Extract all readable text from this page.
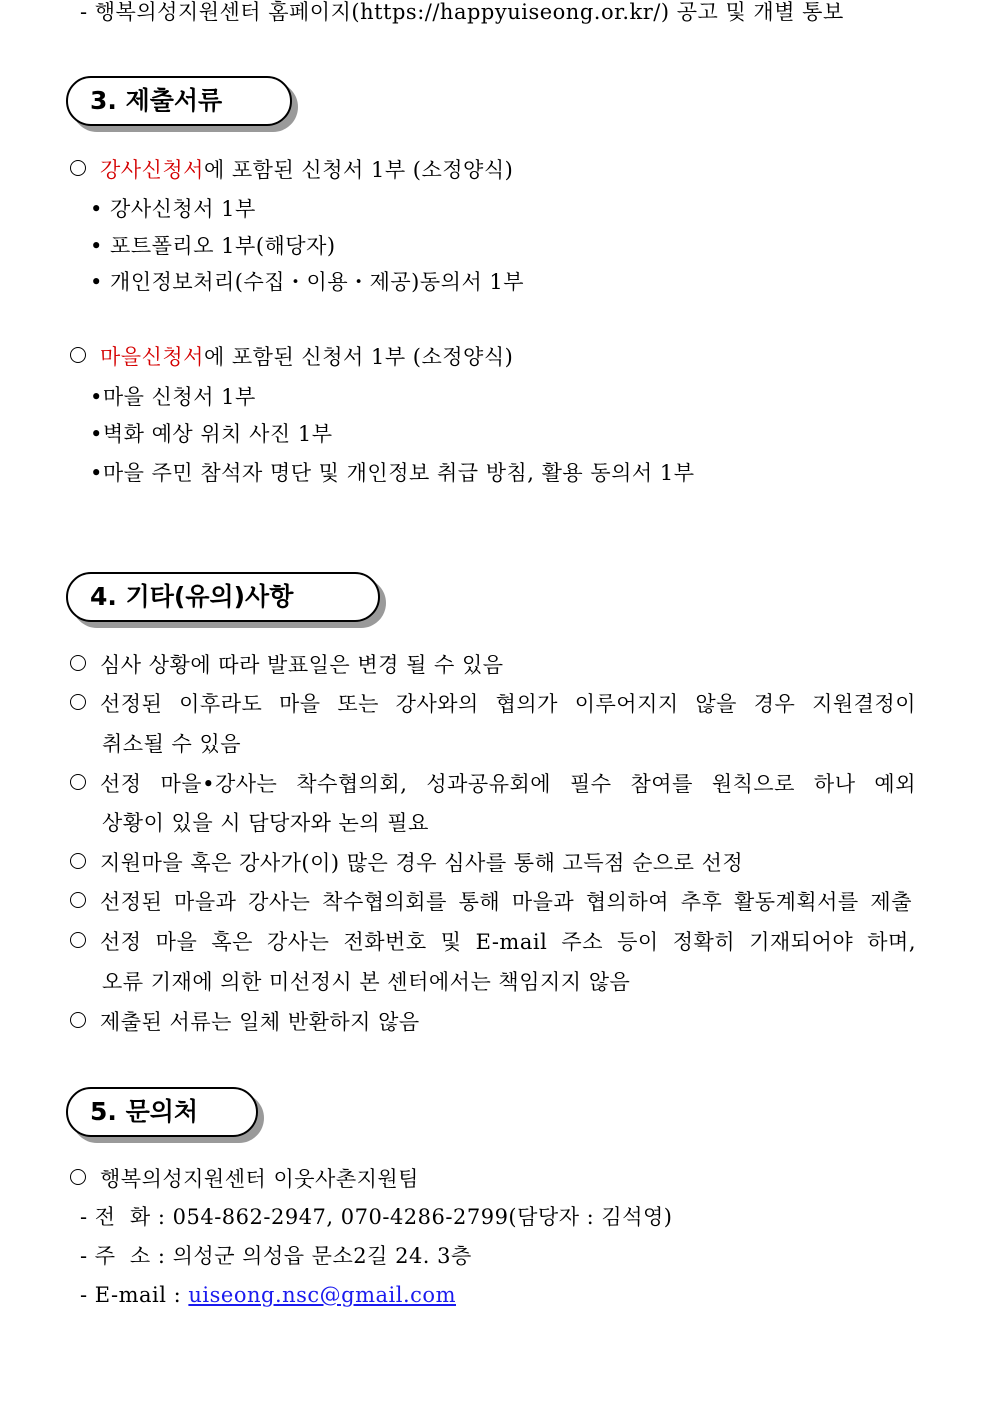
- 행복의성지원센터 홈페이지(https://happyuiseong.or.kr/) 공고 및 개별 통보
3. 제출서류
강사신청서에 포함된 신청서 1부 (소정양식)
• 강사신청서 1부
• 포트폴리오 1부(해당자)
• 개인정보처리(수집・이용・제공)동의서 1부
마을신청서에 포함된 신청서 1부 (소정양식)
•마을 신청서 1부
•벽화 예상 위치 사진 1부
•마을 주민 참석자 명단 및 개인정보 취급 방침, 활용 동의서 1부
4. 기타(유의)사항
심사 상황에 따라 발표일은 변경 될 수 있음
선정된 이후라도 마을 또는 강사와의 협의가 이루어지지 않을 경우 지원결정이
취소될 수 있음
선정 마을•강사는 착수협의회, 성과공유회에 필수 참여를 원칙으로 하나 예외
상황이 있을 시 담당자와 논의 필요
지원마을 혹은 강사가(이) 많은 경우 심사를 통해 고득점 순으로 선정
선정된 마을과 강사는 착수협의회를 통해 마을과 협의하여 추후 활동계획서를 제출
선정 마을 혹은 강사는 전화번호 및 E-mail 주소 등이 정확히 기재되어야 하며,
오류 기재에 의한 미선정시 본 센터에서는 책임지지 않음
제출된 서류는 일체 반환하지 않음
5. 문의처
행복의성지원센터 이웃사촌지원팀
- 전  화 : 054-862-2947, 070-4286-2799(담당자 : 김석영)
- 주  소 : 의성군 의성읍 문소2길 24. 3층
- E-mail : uiseong.nsc@gmail.com
